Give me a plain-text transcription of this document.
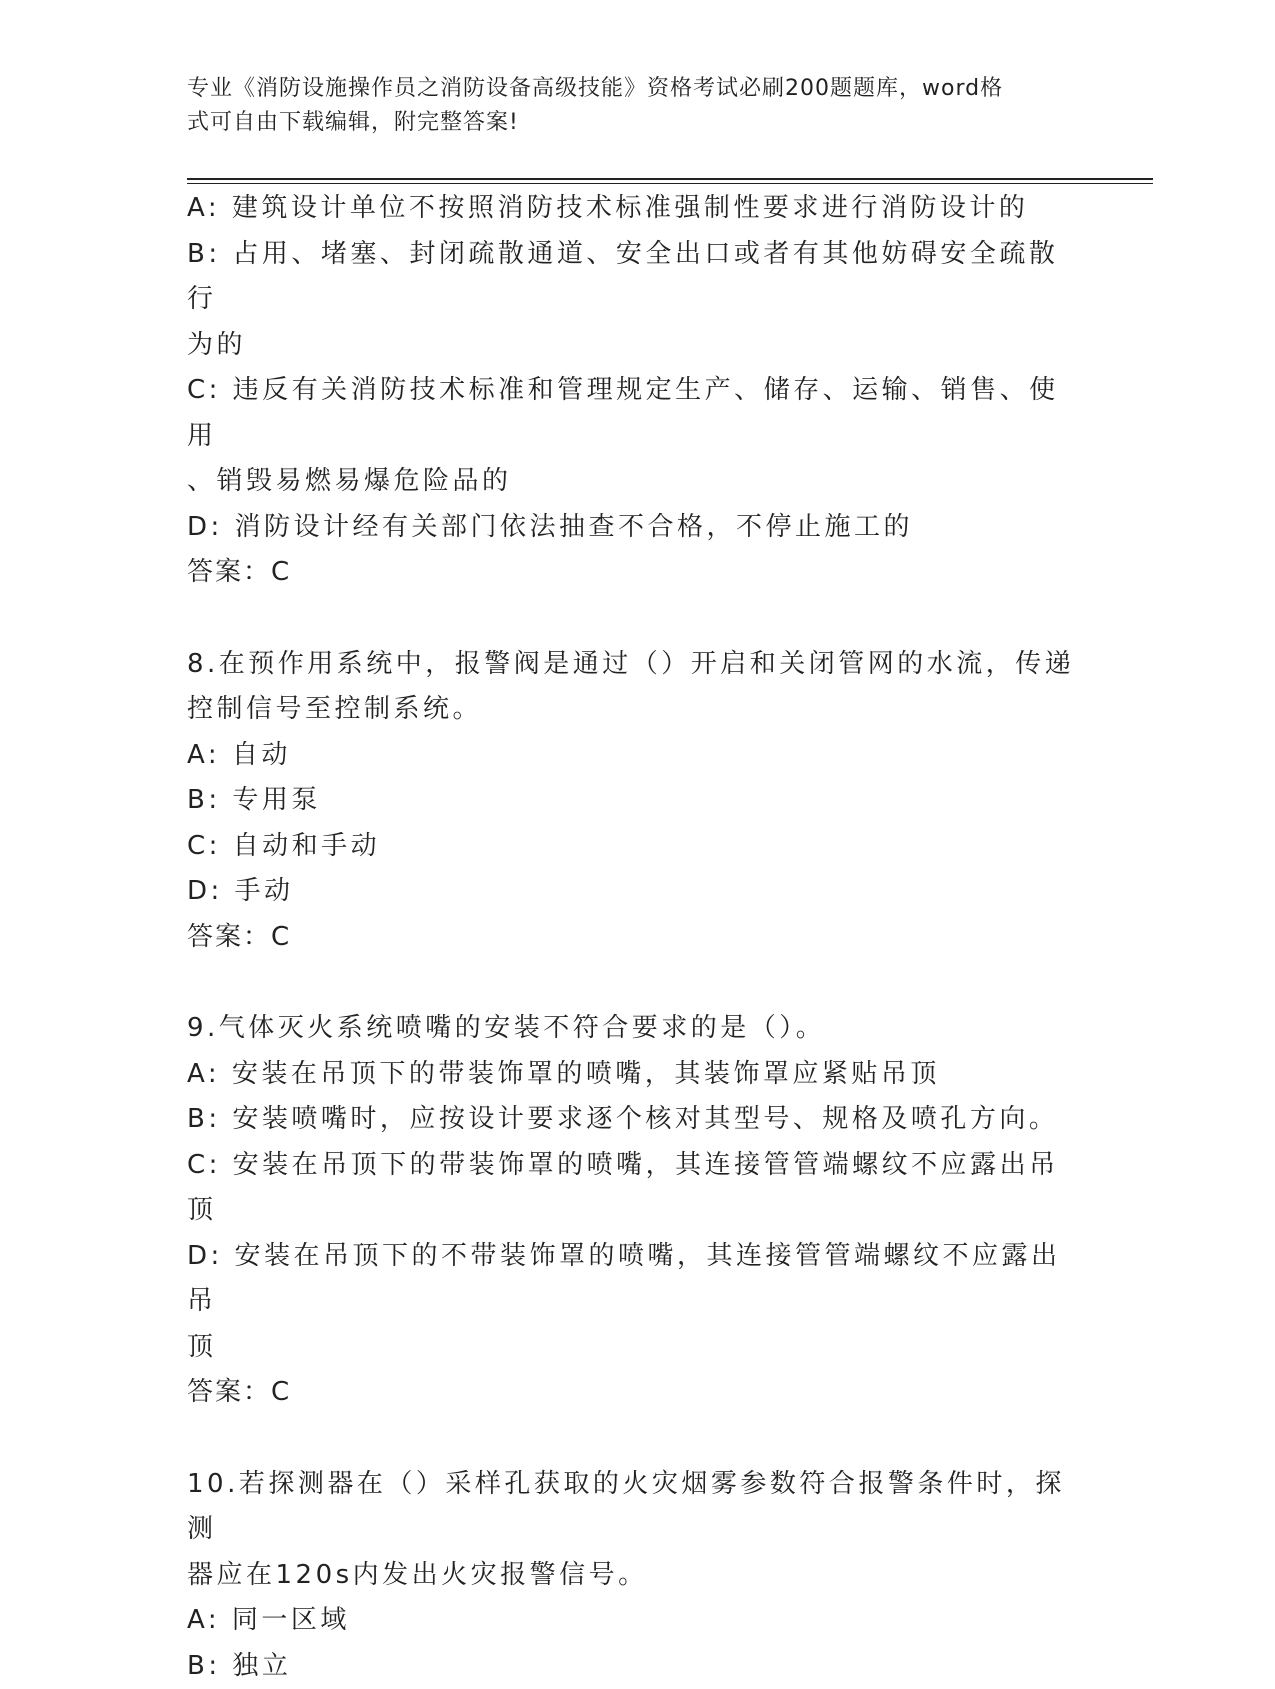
专业《消防设施操作员之消防设备高级技能》资格考试必刷200题题库，word格
式可自由下载编辑，附完整答案!

A: 建筑设计单位不按照消防技术标准强制性要求进行消防设计的

B: 占用、堵塞、封闭疏散通道、安全出口或者有其他妨碍安全疏散行

为的

C: 违反有关消防技术标准和管理规定生产、储存、运输、销售、使用

、销毁易燃易爆危险品的

D: 消防设计经有关部门依法抽查不合格，不停止施工的

答案：C

8.在预作用系统中，报警阀是通过（）开启和关闭管网的水流，传递

控制信号至控制系统。

A: 自动

B: 专用泵

C: 自动和手动

D: 手动

答案：C

9.气体灭火系统喷嘴的安装不符合要求的是（）。

A: 安装在吊顶下的带装饰罩的喷嘴，其装饰罩应紧贴吊顶

B: 安装喷嘴时，应按设计要求逐个核对其型号、规格及喷孔方向。

C: 安装在吊顶下的带装饰罩的喷嘴，其连接管管端螺纹不应露出吊顶

D: 安装在吊顶下的不带装饰罩的喷嘴，其连接管管端螺纹不应露出吊

顶

答案：C

10.若探测器在（）采样孔获取的火灾烟雾参数符合报警条件时，探测

器应在120s内发出火灾报警信号。

A: 同一区域

B: 独立
